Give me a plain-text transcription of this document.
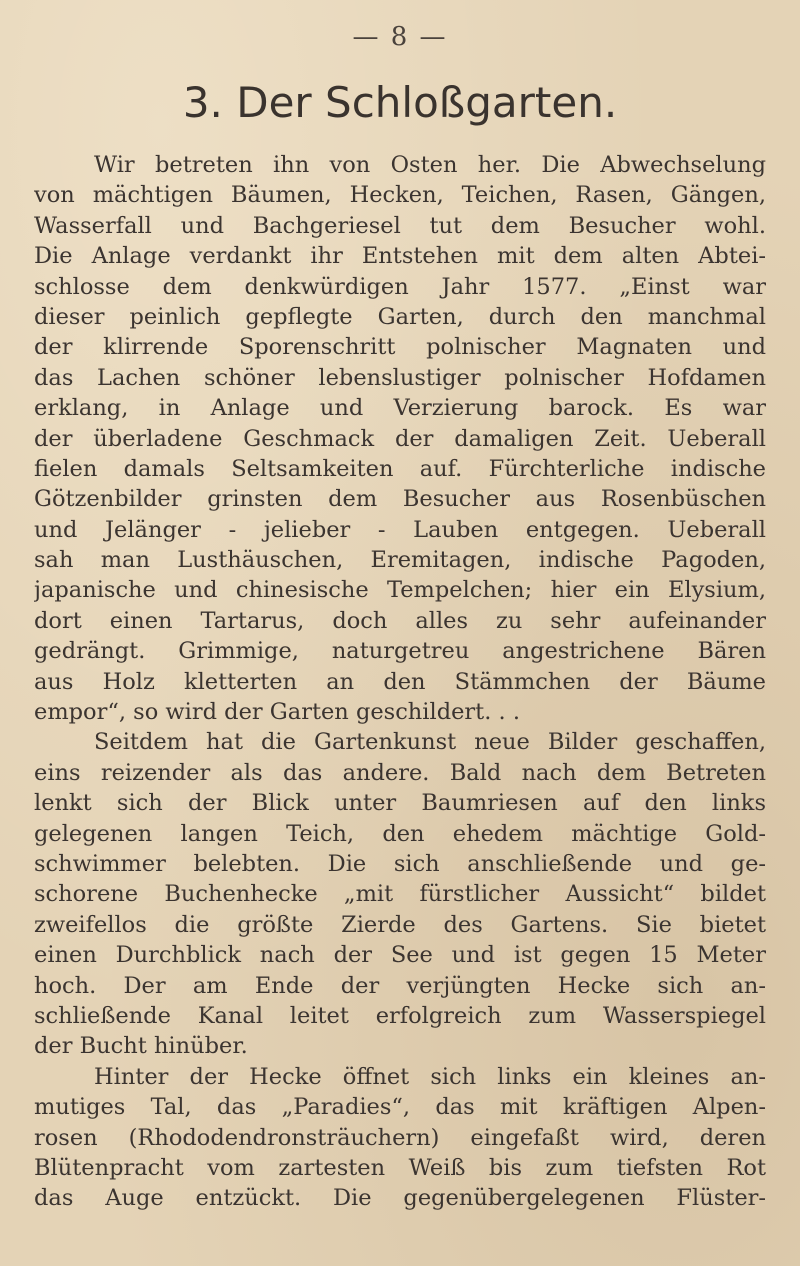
— 8 —
3. Der Schloßgarten.
Wir betreten ihn von Osten her. Die Abwechselung
von mächtigen Bäumen, Hecken, Teichen, Rasen, Gängen,
Wasserfall und Bachgeriesel tut dem Besucher wohl.
Die Anlage verdankt ihr Entstehen mit dem alten Abtei-
schlosse dem denkwürdigen Jahr 1577. „Einst war
dieser peinlich gepflegte Garten, durch den manchmal
der klirrende Sporenschritt polnischer Magnaten und
das Lachen schöner lebenslustiger polnischer Hofdamen
erklang, in Anlage und Verzierung barock. Es war
der überladene Geschmack der damaligen Zeit. Ueberall
fielen damals Seltsamkeiten auf. Fürchterliche indische
Götzenbilder grinsten dem Besucher aus Rosenbüschen
und Jelänger - jelieber - Lauben entgegen. Ueberall
sah man Lusthäuschen, Eremitagen, indische Pagoden,
japanische und chinesische Tempelchen; hier ein Elysium,
dort einen Tartarus, doch alles zu sehr aufeinander
gedrängt. Grimmige, naturgetreu angestrichene Bären
aus Holz kletterten an den Stämmchen der Bäume
empor“, so wird der Garten geschildert. . .
Seitdem hat die Gartenkunst neue Bilder geschaffen,
eins reizender als das andere. Bald nach dem Betreten
lenkt sich der Blick unter Baumriesen auf den links
gelegenen langen Teich, den ehedem mächtige Gold-
schwimmer belebten. Die sich anschließende und ge-
schorene Buchenhecke „mit fürstlicher Aussicht“ bildet
zweifellos die größte Zierde des Gartens. Sie bietet
einen Durchblick nach der See und ist gegen 15 Meter
hoch. Der am Ende der verjüngten Hecke sich an-
schließende Kanal leitet erfolgreich zum Wasserspiegel
der Bucht hinüber.
Hinter der Hecke öffnet sich links ein kleines an-
mutiges Tal, das „Paradies“, das mit kräftigen Alpen-
rosen (Rhododendronsträuchern) eingefaßt wird, deren
Blütenpracht vom zartesten Weiß bis zum tiefsten Rot
das Auge entzückt. Die gegenübergelegenen Flüster-
